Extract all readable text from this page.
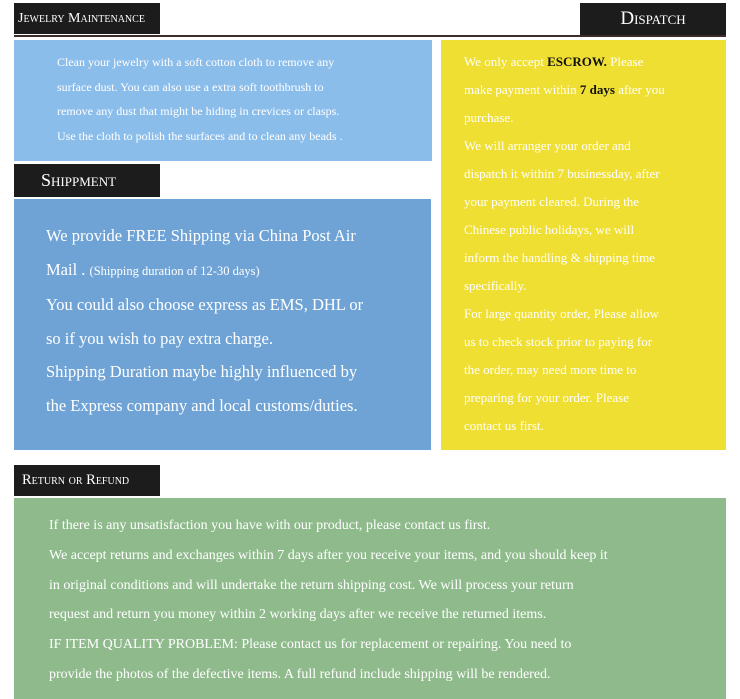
Jewelry Maintenance	Dispatch
Shippment
Return or Refund

Clean your jewelry with a soft cotton cloth to remove any

surface dust. You can also use a extra soft toothbrush to

remove any dust that might be hiding in crevices or clasps.

Use the cloth to polish the surfaces and to clean any beads .

We provide FREE Shipping via China Post Air

Mail . (Shipping duration of 12-30 days)

You could also choose express as EMS, DHL or

so if you wish to pay extra charge.

Shipping Duration maybe highly influenced by

the Express company and local customs/duties.

We only accept ESCROW. Please

make payment within 7 days after you

purchase.

We will arranger your order and

dispatch it within 7 businessday, after

your payment cleared. During the

Chinese public holidays, we will

inform the handling & shipping time

specifically.

For large quantity order, Please allow

us to check stock prior to paying for

the order, may need more time to

preparing for your order. Please

contact us first.

If there is any unsatisfaction you have with our product, please contact us first.

We accept returns and exchanges within 7 days after you receive your items, and you should keep it

in original conditions and will undertake the return shipping cost. We will process your return

request and return you money within 2 working days after we receive the returned items.

IF ITEM QUALITY PROBLEM: Please contact us for replacement or repairing. You need to

provide the photos of the defective items. A full refund include shipping will be rendered.
